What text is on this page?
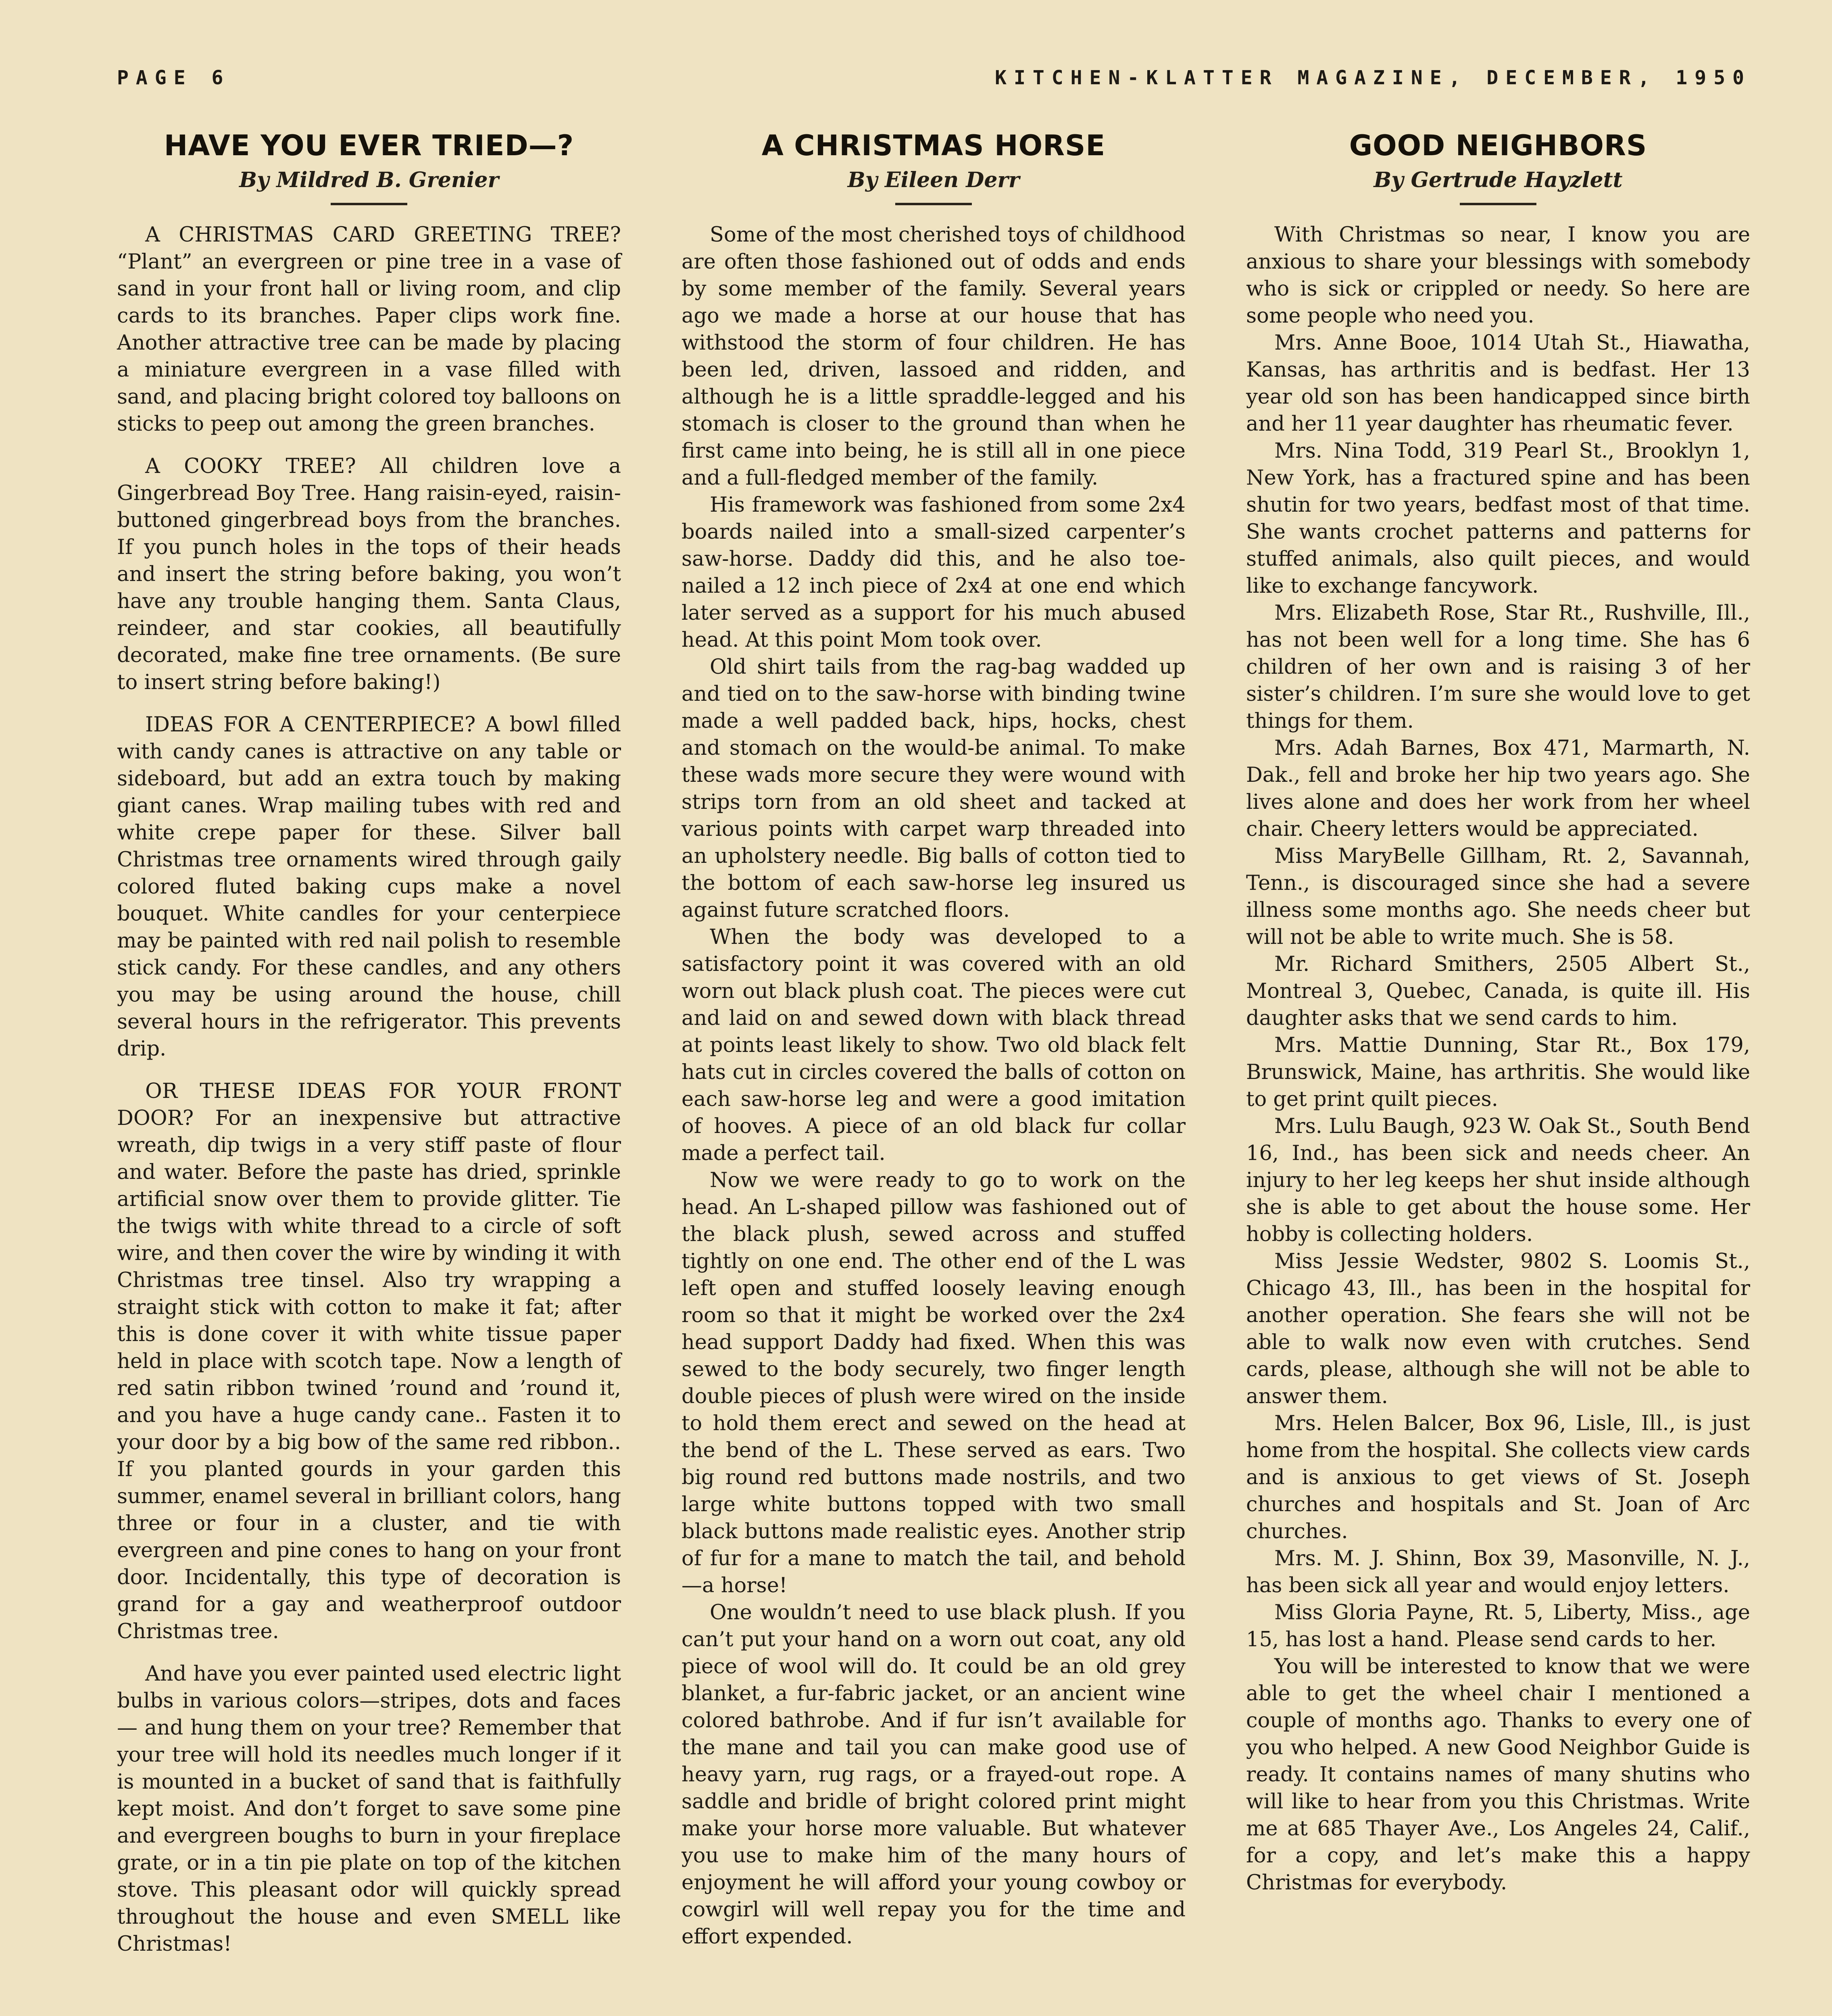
PAGE 6	KITCHEN-KLATTER MAGAZINE, DECEMBER, 1950
HAVE YOU EVER TRIED—?

By Mildred B. Grenier

A CHRISTMAS CARD GREETING TREE? “Plant” an evergreen or pine tree in a vase of sand in your front hall or living room, and clip cards to its branches. Paper clips work fine. Another attractive tree can be made by placing a miniature evergreen in a vase filled with sand, and placing bright colored toy balloons on sticks to peep out among the green branches.

A COOKY TREE? All children love a Gingerbread Boy Tree. Hang raisin-eyed, raisin-buttoned gingerbread boys from the branches. If you punch holes in the tops of their heads and insert the string before baking, you won’t have any trouble hanging them. Santa Claus, reindeer, and star cookies, all beautifully decorated, make fine tree ornaments. (Be sure to insert string before baking!)

IDEAS FOR A CENTERPIECE? A bowl filled with candy canes is attractive on any table or sideboard, but add an extra touch by making giant canes. Wrap mailing tubes with red and white crepe paper for these. Silver ball Christmas tree ornaments wired through gaily colored fluted baking cups make a novel bouquet. White candles for your centerpiece may be painted with red nail polish to resemble stick candy. For these candles, and any others you may be using around the house, chill several hours in the refrigerator. This prevents drip.

OR THESE IDEAS FOR YOUR FRONT DOOR? For an inexpensive but attractive wreath, dip twigs in a very stiff paste of flour and water. Before the paste has dried, sprinkle artificial snow over them to provide glitter. Tie the twigs with white thread to a circle of soft wire, and then cover the wire by winding it with Christmas tree tinsel. Also try wrapping a straight stick with cotton to make it fat; after this is done cover it with white tissue paper held in place with scotch tape. Now a length of red satin ribbon twined ’round and ’round it, and you have a huge candy cane.. Fasten it to your door by a big bow of the same red ribbon.. If you planted gourds in your garden this summer, enamel several in brilliant colors, hang three or four in a cluster, and tie with evergreen and pine cones to hang on your front door. Incidentally, this type of decoration is grand for a gay and weatherproof outdoor Christmas tree.

And have you ever painted used electric light bulbs in various colors—stripes, dots and faces — and hung them on your tree? Remember that your tree will hold its needles much longer if it is mounted in a bucket of sand that is faithfully kept moist. And don’t forget to save some pine and evergreen boughs to burn in your fireplace grate, or in a tin pie plate on top of the kitchen stove. This pleasant odor will quickly spread throughout the house and even SMELL like Christmas!

A CHRISTMAS HORSE

By Eileen Derr

Some of the most cherished toys of childhood are often those fashioned out of odds and ends by some member of the family. Several years ago we made a horse at our house that has withstood the storm of four children. He has been led, driven, lassoed and ridden, and although he is a little spraddle-legged and his stomach is closer to the ground than when he first came into being, he is still all in one piece and a full-fledged member of the family.

His framework was fashioned from some 2x4 boards nailed into a small-sized carpenter’s saw-horse. Daddy did this, and he also toe-nailed a 12 inch piece of 2x4 at one end which later served as a support for his much abused head. At this point Mom took over.

Old shirt tails from the rag-bag wadded up and tied on to the saw-horse with binding twine made a well padded back, hips, hocks, chest and stomach on the would-be animal. To make these wads more secure they were wound with strips torn from an old sheet and tacked at various points with carpet warp threaded into an upholstery needle. Big balls of cotton tied to the bottom of each saw-horse leg insured us against future scratched floors.

When the body was developed to a satisfactory point it was covered with an old worn out black plush coat. The pieces were cut and laid on and sewed down with black thread at points least likely to show. Two old black felt hats cut in circles covered the balls of cotton on each saw-horse leg and were a good imitation of hooves. A piece of an old black fur collar made a perfect tail.

Now we were ready to go to work on the head. An L-shaped pillow was fashioned out of the black plush, sewed across and stuffed tightly on one end. The other end of the L was left open and stuffed loosely leaving enough room so that it might be worked over the 2x4 head support Daddy had fixed. When this was sewed to the body securely, two finger length double pieces of plush were wired on the inside to hold them erect and sewed on the head at the bend of the L. These served as ears. Two big round red buttons made nostrils, and two large white buttons topped with two small black buttons made realistic eyes. Another strip of fur for a mane to match the tail, and behold—a horse!

One wouldn’t need to use black plush. If you can’t put your hand on a worn out coat, any old piece of wool will do. It could be an old grey blanket, a fur-fabric jacket, or an ancient wine colored bathrobe. And if fur isn’t available for the mane and tail you can make good use of heavy yarn, rug rags, or a frayed-out rope. A saddle and bridle of bright colored print might make your horse more valuable. But whatever you use to make him of the many hours of enjoyment he will afford your young cowboy or cowgirl will well repay you for the time and effort expended.

GOOD NEIGHBORS

By Gertrude Hayzlett

With Christmas so near, I know you are anxious to share your blessings with somebody who is sick or crippled or needy. So here are some people who need you.

Mrs. Anne Booe, 1014 Utah St., Hiawatha, Kansas, has arthritis and is bedfast. Her 13 year old son has been handicapped since birth and her 11 year daughter has rheumatic fever.

Mrs. Nina Todd, 319 Pearl St., Brooklyn 1, New York, has a fractured spine and has been shutin for two years, bedfast most of that time. She wants crochet patterns and patterns for stuffed animals, also quilt pieces, and would like to exchange fancywork.

Mrs. Elizabeth Rose, Star Rt., Rushville, Ill., has not been well for a long time. She has 6 children of her own and is raising 3 of her sister’s children. I’m sure she would love to get things for them.

Mrs. Adah Barnes, Box 471, Marmarth, N. Dak., fell and broke her hip two years ago. She lives alone and does her work from her wheel chair. Cheery letters would be appreciated.

Miss MaryBelle Gillham, Rt. 2, Savannah, Tenn., is discouraged since she had a severe illness some months ago. She needs cheer but will not be able to write much. She is 58.

Mr. Richard Smithers, 2505 Albert St., Montreal 3, Quebec, Canada, is quite ill. His daughter asks that we send cards to him.

Mrs. Mattie Dunning, Star Rt., Box 179, Brunswick, Maine, has arthritis. She would like to get print quilt pieces.

Mrs. Lulu Baugh, 923 W. Oak St., South Bend 16, Ind., has been sick and needs cheer. An injury to her leg keeps her shut inside although she is able to get about the house some. Her hobby is collecting holders.

Miss Jessie Wedster, 9802 S. Loomis St., Chicago 43, Ill., has been in the hospital for another operation. She fears she will not be able to walk now even with crutches. Send cards, please, although she will not be able to answer them.

Mrs. Helen Balcer, Box 96, Lisle, Ill., is just home from the hospital. She collects view cards and is anxious to get views of St. Joseph churches and hospitals and St. Joan of Arc churches.

Mrs. M. J. Shinn, Box 39, Masonville, N. J., has been sick all year and would enjoy letters.

Miss Gloria Payne, Rt. 5, Liberty, Miss., age 15, has lost a hand. Please send cards to her.

You will be interested to know that we were able to get the wheel chair I mentioned a couple of months ago. Thanks to every one of you who helped. A new Good Neighbor Guide is ready. It contains names of many shutins who will like to hear from you this Christmas. Write me at 685 Thayer Ave., Los Angeles 24, Calif., for a copy, and let’s make this a happy Christmas for everybody.
